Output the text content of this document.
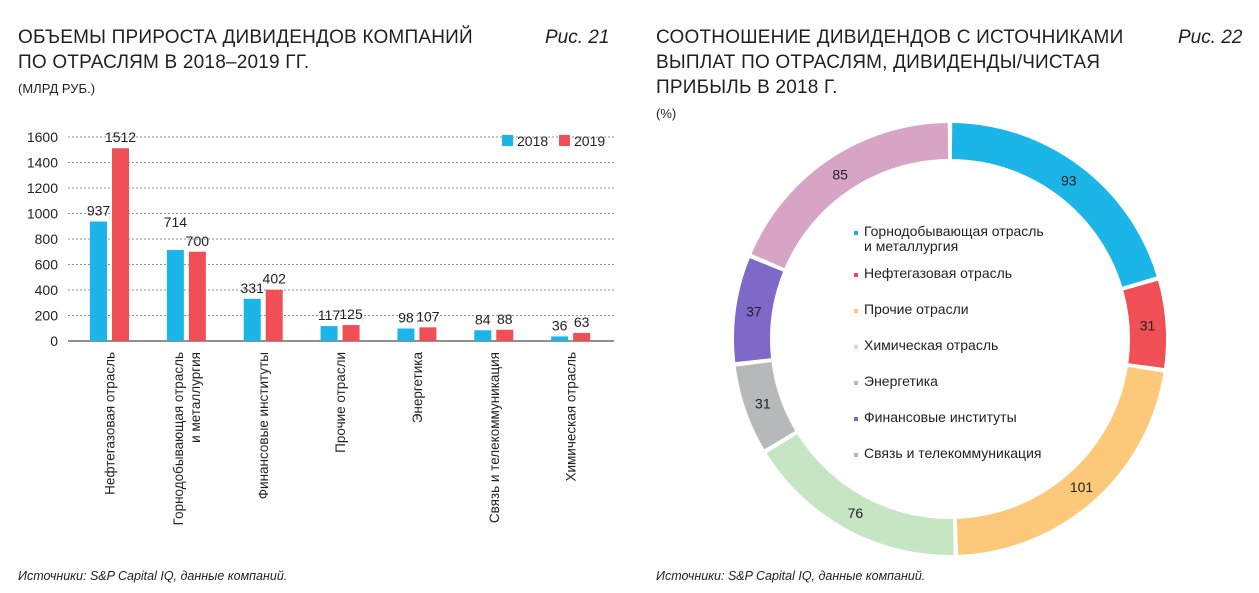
ОБЪЕМЫ ПРИРОСТА ДИВИДЕНДОВ КОМПАНИЙ
ПО ОТРАСЛЯМ В 2018–2019 ГГ.
(МЛРД РУБ.)
Рис. 21
0
200
400
600
800
1000
1200
1400
1600
937
1512
Нефтегазовая отрасль
714
700
Горнодобывающая отрасль и металлургия
331
402
Финансовые институты
117 125
Прочие отрасли
98 107
Энергетика
84 88
Связь и телекоммуникация
36 63
Химическая отрасль
2018 2019
Источники: S&P Capital IQ, данные компаний.
СООТНОШЕНИЕ ДИВИДЕНДОВ С ИСТОЧНИКАМИ
ВЫПЛАТ ПО ОТРАСЛЯМ, ДИВИДЕНДЫ/ЧИСТАЯ
ПРИБЫЛЬ В 2018 Г.
(%)
Рис. 22
93
31
101
76
31
37
85
Горнодобывающая отрасль
и металлургия
Нефтегазовая отрасль
Прочие отрасли
Химическая отрасль
Энергетика
Финансовые институты
Связь и телекоммуникация
Источники: S&P Capital IQ, данные компаний.
